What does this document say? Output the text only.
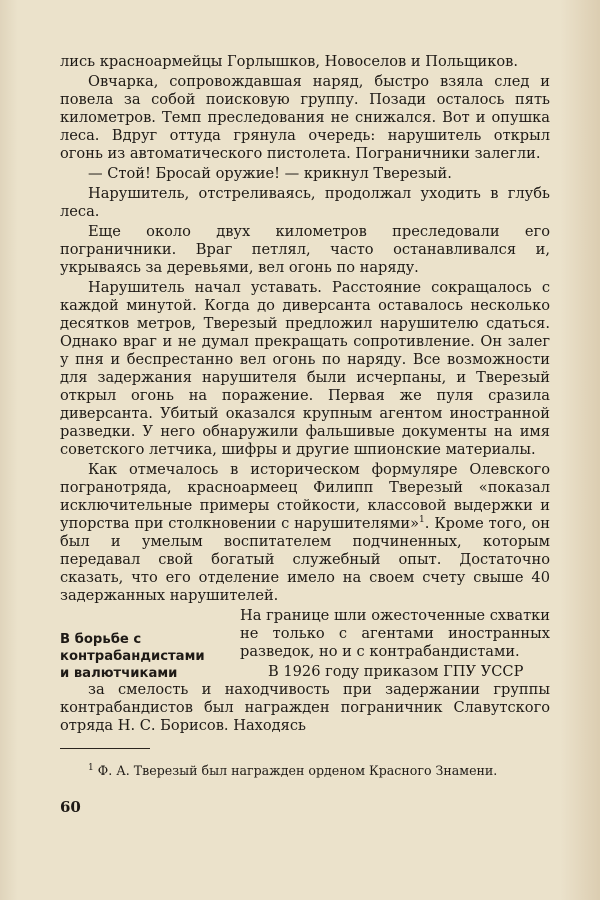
лись красноармейцы Горлышков, Новоселов и Польщиков.

Овчарка, сопровождавшая наряд, быстро взяла след и повела за собой поисковую группу. Позади осталось пять километров. Темп преследования не снижался. Вот и опушка леса. Вдруг оттуда грянула очередь: нарушитель открыл огонь из автоматического пистолета. Пограничники залегли.

— Стой! Бросай оружие! — крикнул Тверезый.

Нарушитель, отстреливаясь, продолжал уходить в глубь леса.

Еще около двух километров преследовали его пограничники. Враг петлял, часто останавливался и, укрываясь за деревьями, вел огонь по наряду.

Нарушитель начал уставать. Расстояние сокращалось с каждой минутой. Когда до диверсанта оставалось несколько десятков метров, Тверезый предложил нарушителю сдаться. Однако враг и не думал прекращать сопротивление. Он залег у пня и беспрестанно вел огонь по наряду. Все возможности для задержания нарушителя были исчерпаны, и Тверезый открыл огонь на поражение. Первая же пуля сразила диверсанта. Убитый оказался крупным агентом иностранной разведки. У него обнаружили фальшивые документы на имя советского летчика, шифры и другие шпионские материалы.

Как отмечалось в историческом формуляре Олевского погранотряда, красноармеец Филипп Тверезый «показал исключительные примеры стойкости, классовой выдержки и упорства при столкновении с нарушителями»$^1$. Кроме того, он был и умелым воспитателем подчиненных, которым передавал свой богатый служебный опыт. Достаточно сказать, что его отделение имело на своем счету свыше 40 задержанных нарушителей.

В борьбе с
контрабандистами
и валютчиками

На границе шли ожесточенные схватки не только с агентами иностранных разведок, но и с контрабандистами.

В 1926 году приказом ГПУ УССР

за смелость и находчивость при задержании группы контрабандистов был награжден пограничник Славутского отряда Н. С. Борисов. Находясь

$^1$ Ф. А. Тверезый был награжден орденом Красного Знамени.
60
